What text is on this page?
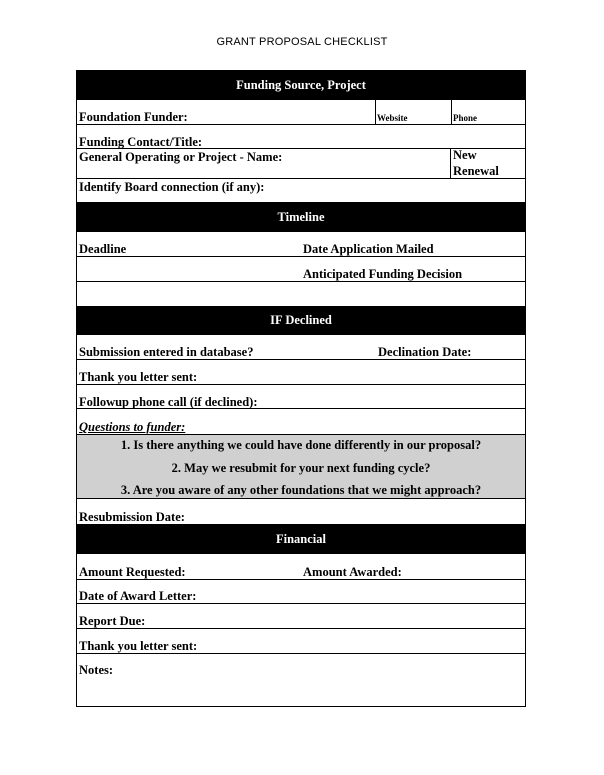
GRANT PROPOSAL CHECKLIST
Funding Source, Project
Foundation Funder:	Website	Phone
Funding Contact/Title:
General Operating or Project - Name:	New
Renewal
Identify Board connection (if any):
Timeline
Deadline	Date Application Mailed
Anticipated Funding Decision
IF Declined
Submission entered in database?	Declination Date:
Thank you letter sent:
Followup phone call (if declined):
Questions to funder:
1. Is there anything we could have done differently in our proposal?
2. May we resubmit for your next funding cycle?
3. Are you aware of any other foundations that we might approach?
Resubmission Date:
Financial
Amount Requested:	Amount Awarded:
Date of Award Letter:
Report Due:
Thank you letter sent:
Notes:
